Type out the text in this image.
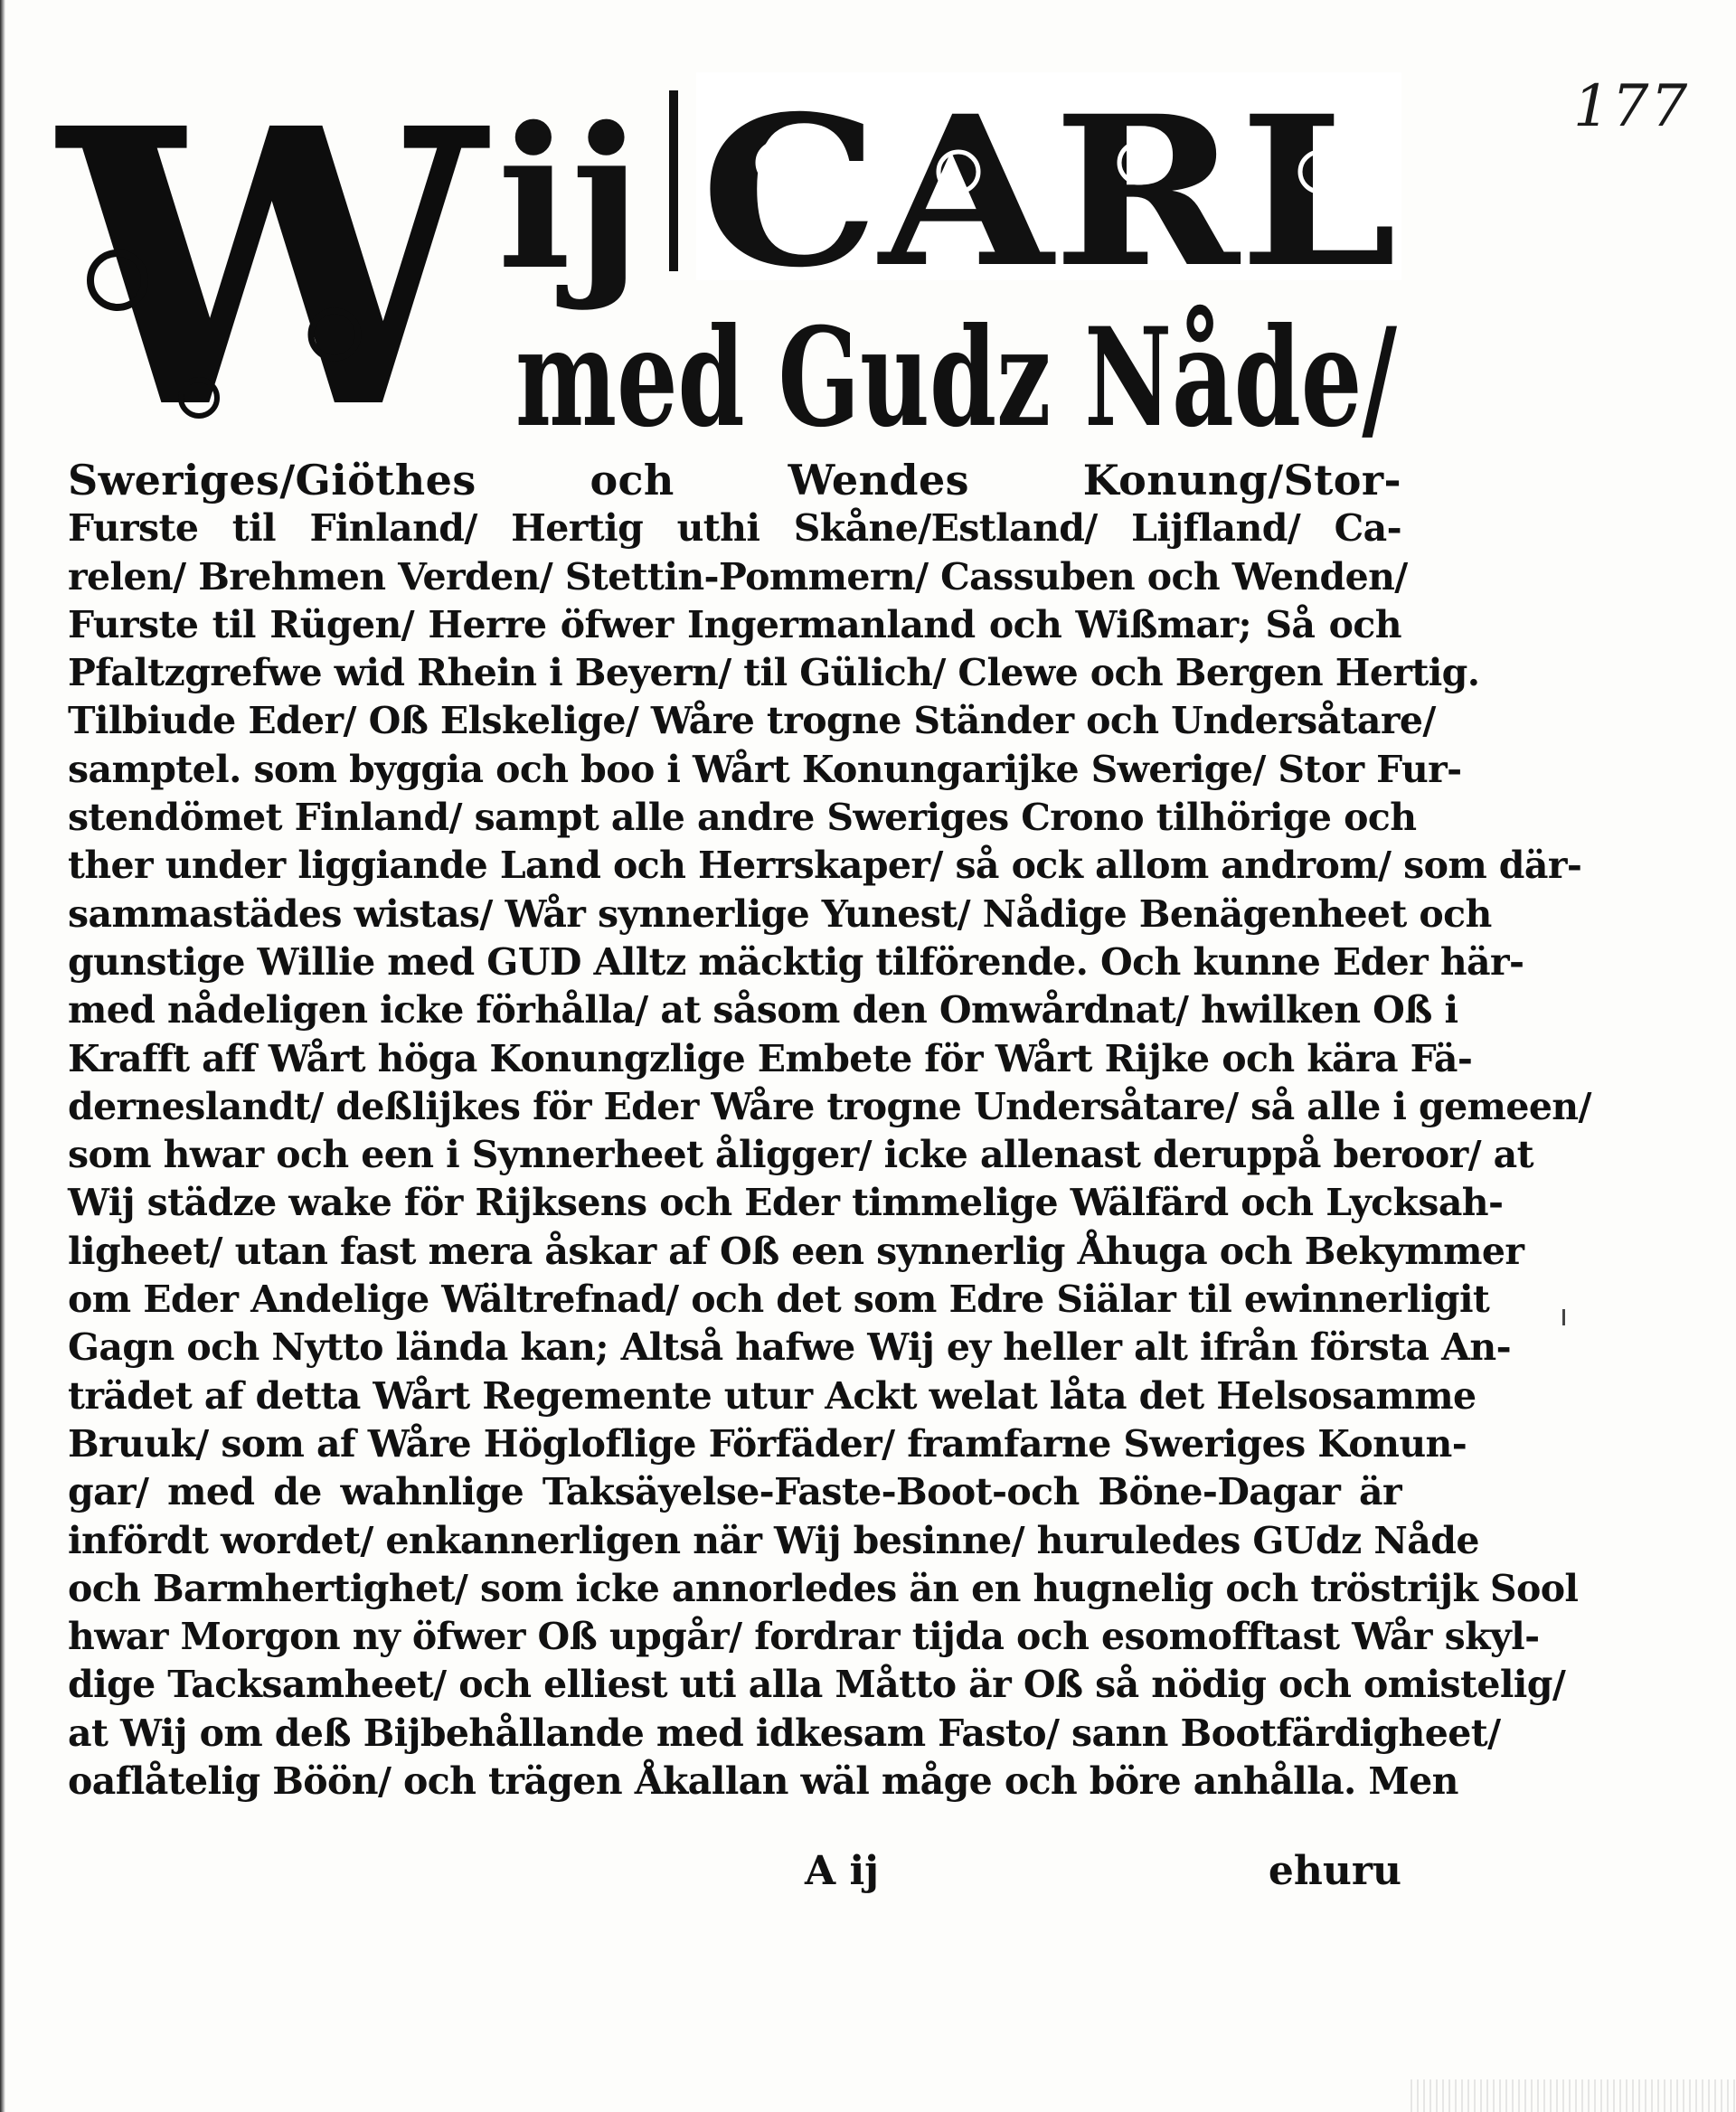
177
W ij CARL
med Gudz Nåde/
Sweriges/Giöthes och Wendes Konung/Stor-
Furste til Finland/ Hertig uthi Skåne/Estland/ Lijfland/ Ca-
relen/ Brehmen Verden/ Stettin-Pommern/ Cassuben och Wenden/
Furste til Rügen/ Herre öfwer Ingermanland och Wißmar; Så och
Pfaltzgrefwe wid Rhein i Beyern/ til Gülich/ Clewe och Bergen Hertig.
Tilbiude Eder/ Oß Elskelige/ Wåre trogne Ständer och Undersåtare/
samptel. som byggia och boo i Wårt Konungarijke Swerige/ Stor Fur-
stendömet Finland/ sampt alle andre Sweriges Crono tilhörige och
ther under liggiande Land och Herrskaper/ så ock allom androm/ som där-
sammastädes wistas/ Wår synnerlige Yunest/ Nådige Benägenheet och
gunstige Willie med GUD Alltz mäcktig tilförende. Och kunne Eder här-
med nådeligen icke förhålla/ at såsom den Omwårdnat/ hwilken Oß i
Krafft aff Wårt höga Konungzlige Embete för Wårt Rijke och kära Fä-
derneslandt/ deßlijkes för Eder Wåre trogne Undersåtare/ så alle i gemeen/
som hwar och een i Synnerheet åligger/ icke allenast deruppå beroor/ at
Wij städze wake för Rijksens och Eder timmelige Wälfärd och Lycksah-
ligheet/ utan fast mera åskar af Oß een synnerlig Åhuga och Bekymmer
om Eder Andelige Wältrefnad/ och det som Edre Siälar til ewinnerligit
Gagn och Nytto lända kan; Altså hafwe Wij ey heller alt ifrån första An-
trädet af detta Wårt Regemente utur Ackt welat låta det Helsosamme
Bruuk/ som af Wåre Högloflige Förfäder/ framfarne Sweriges Konun-
gar/ med de wahnlige Taksäyelse-Faste-Boot-och Böne-Dagar är
infördt wordet/ enkannerligen när Wij besinne/ huruledes GUdz Nåde
och Barmhertighet/ som icke annorledes än en hugnelig och tröstrijk Sool
hwar Morgon ny öfwer Oß upgår/ fordrar tijda och esomofftast Wår skyl-
dige Tacksamheet/ och elliest uti alla Måtto är Oß så nödig och omistelig/
at Wij om deß Bijbehållande med idkesam Fasto/ sann Bootfärdigheet/
oaflåtelig Böön/ och trägen Åkallan wäl måge och böre anhålla. Men
A ij	ehuru
